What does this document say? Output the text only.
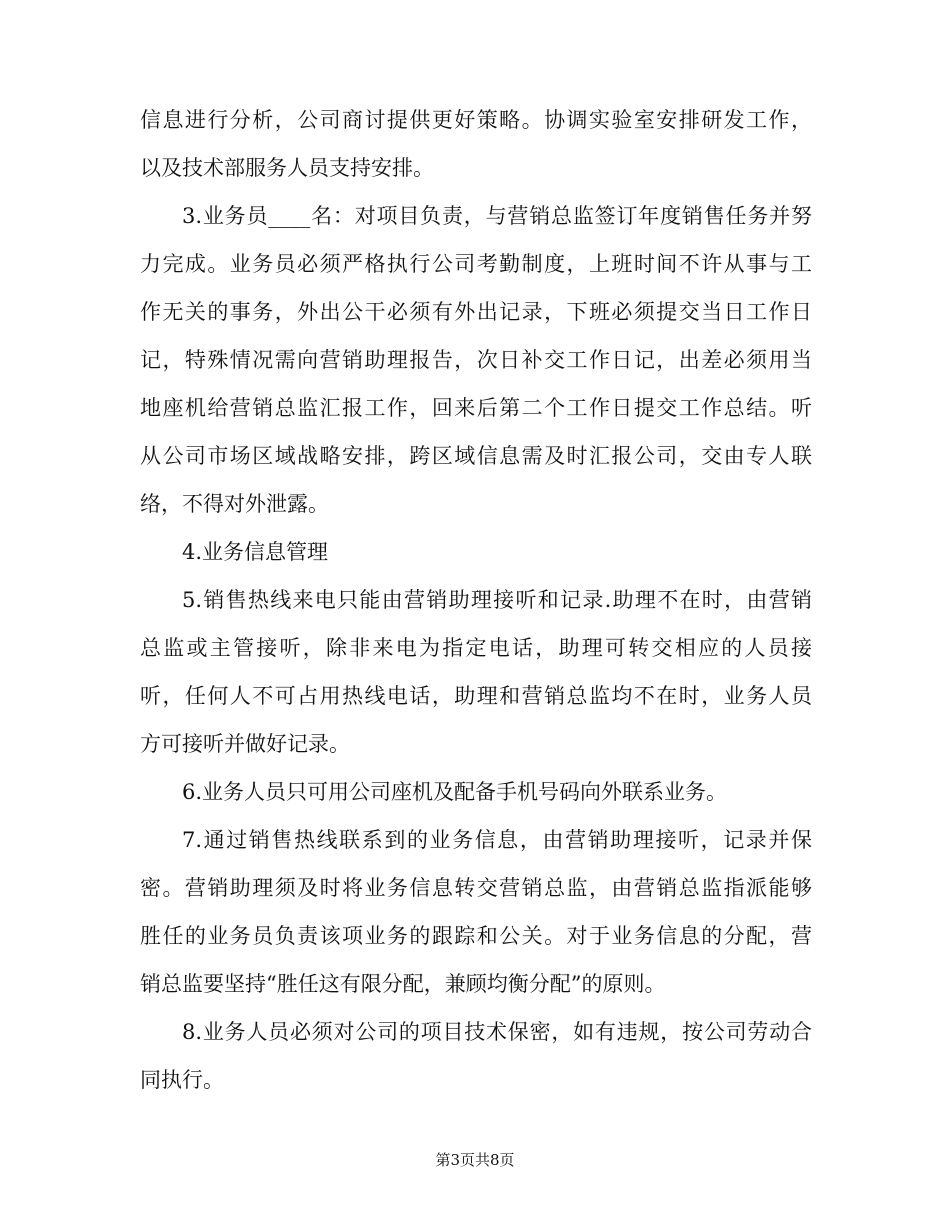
信息进行分析，公司商讨提供更好策略。协调实验室安排研发工作，
以及技术部服务人员支持安排。
3.业务员____名：对项目负责，与营销总监签订年度销售任务并努
力完成。业务员必须严格执行公司考勤制度，上班时间不许从事与工
作无关的事务，外出公干必须有外出记录，下班必须提交当日工作日
记，特殊情况需向营销助理报告，次日补交工作日记，出差必须用当
地座机给营销总监汇报工作，回来后第二个工作日提交工作总结。听
从公司市场区域战略安排，跨区域信息需及时汇报公司，交由专人联
络，不得对外泄露。
4.业务信息管理
5.销售热线来电只能由营销助理接听和记录.助理不在时，由营销
总监或主管接听，除非来电为指定电话，助理可转交相应的人员接
听，任何人不可占用热线电话，助理和营销总监均不在时，业务人员
方可接听并做好记录。
6.业务人员只可用公司座机及配备手机号码向外联系业务。
7.通过销售热线联系到的业务信息，由营销助理接听，记录并保
密。营销助理须及时将业务信息转交营销总监，由营销总监指派能够
胜任的业务员负责该项业务的跟踪和公关。对于业务信息的分配，营
销总监要坚持“胜任这有限分配，兼顾均衡分配”的原则。
8.业务人员必须对公司的项目技术保密，如有违规，按公司劳动合
同执行。
第3页共8页
